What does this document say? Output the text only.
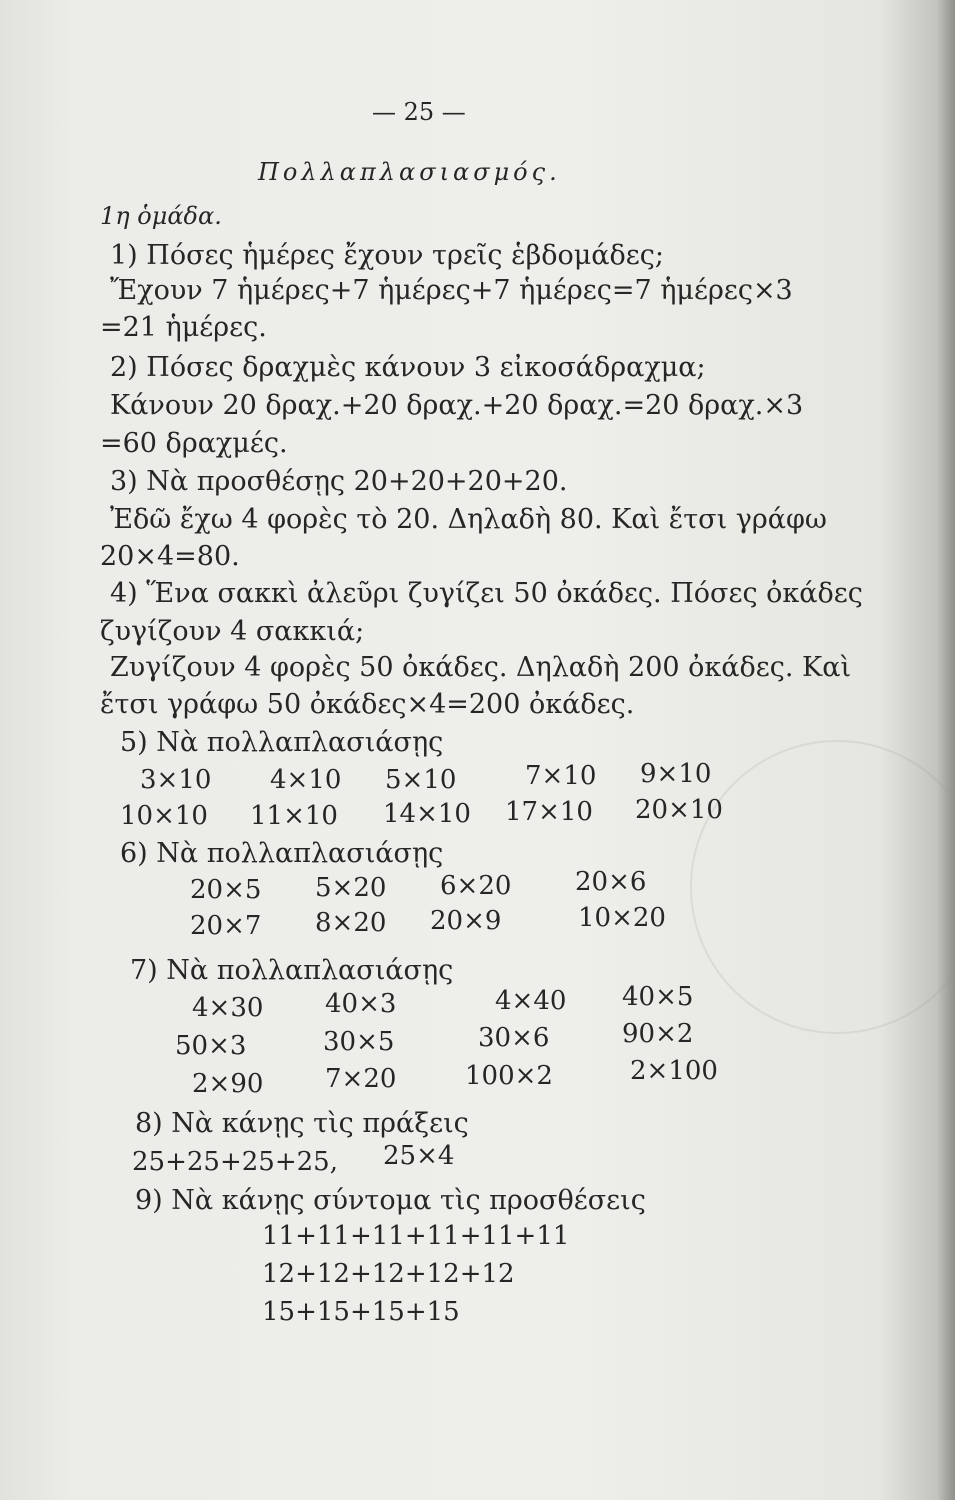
— 25 —
Πολλαπλασιασμός.
1η ὁμάδα.
1) Πόσες ἡμέρες ἔχουν τρεῖς ἑβδομάδες;
Ἔχουν 7 ἡμέρες+7 ἡμέρες+7 ἡμέρες=7 ἡμέρες×3
=21 ἡμέρες.
2) Πόσες δραχμὲς κάνουν 3 εἰκοσάδραχμα;
Κάνουν 20 δραχ.+20 δραχ.+20 δραχ.=20 δραχ.×3
=60 δραχμές.
3) Νὰ προσθέσῃς 20+20+20+20.
Ἐδῶ ἔχω 4 φορὲς τὸ 20. Δηλαδὴ 80. Καὶ ἔτσι γράφω
20×4=80.
4) Ἕνα σακκὶ ἀλεῦρι ζυγίζει 50 ὀκάδες. Πόσες ὀκάδες
ζυγίζουν 4 σακκιά;
Ζυγίζουν 4 φορὲς 50 ὀκάδες. Δηλαδὴ 200 ὀκάδες. Καὶ
ἔτσι γράφω 50 ὀκάδες×4=200 ὀκάδες.
5) Νὰ πολλαπλασιάσῃς
3×10 4×10 5×10	7×10 9×10
10×10 11×10 14×10 17×10 20×10
6) Νὰ πολλαπλασιάσῃς
20×5 5×20 6×20 20×6
20×7 8×20 20×9	10×20
7) Νὰ πολλαπλασιάσῃς
4×30 40×3	4×40 40×5
50×3	30×5	30×6	90×2
2×90 7×20	100×2	2×100
8) Νὰ κάνῃς τὶς πράξεις
25+25+25+25, 25×4
9) Νὰ κάνῃς σύντομα τὶς προσθέσεις
11+11+11+11+11+11
12+12+12+12+12
15+15+15+15
